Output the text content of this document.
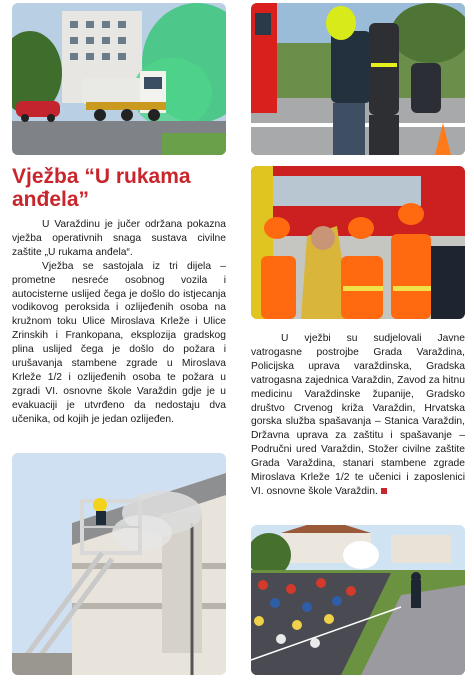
Vježba “U rukama anđela”

U Varaždinu je jučer održana pokazna vježba operativnih snaga sustava civilne zaštite „U rukama anđela“.

Vježba se sastojala iz tri dijela – prometne nesreće osobnog vozila i autocisterne uslijed čega je došlo do istjecanja vodikovog peroksida i ozlijeđenih osoba na kružnom toku Ulice Miroslava Krleže i Ulice Zrinskih i Frankopana, eksplozija gradskog plina uslijed čega je došlo do požara i urušavanja stambene zgrade u Miroslava Krleže 1/2 i ozlijeđenih osoba te požara u zgradi VI. osnovne škole Varaždin gdje je u evakuaciji je utvrđeno da nedostaju dva učenika, od kojih je jedan ozlijeđen.

U vježbi su sudjelovali Javne vatrogasne postrojbe Grada Varaždina, Policijska uprava varaždinska, Gradska vatrogasna zajednica Varaždin, Zavod za hitnu medicinu Varaždinske županije, Gradsko društvo Crvenog križa Varaždin, Hrvatska gorska služba spašavanja – Stanica Varaždin, Državna uprava za zaštitu i spašavanje – Područni ured Varaždin, Stožer civilne zaštite Grada Varaždina, stanari stambene zgrade Miroslava Krleže 1/2 te učenici i zaposlenici VI. osnovne škole Varaždin.
